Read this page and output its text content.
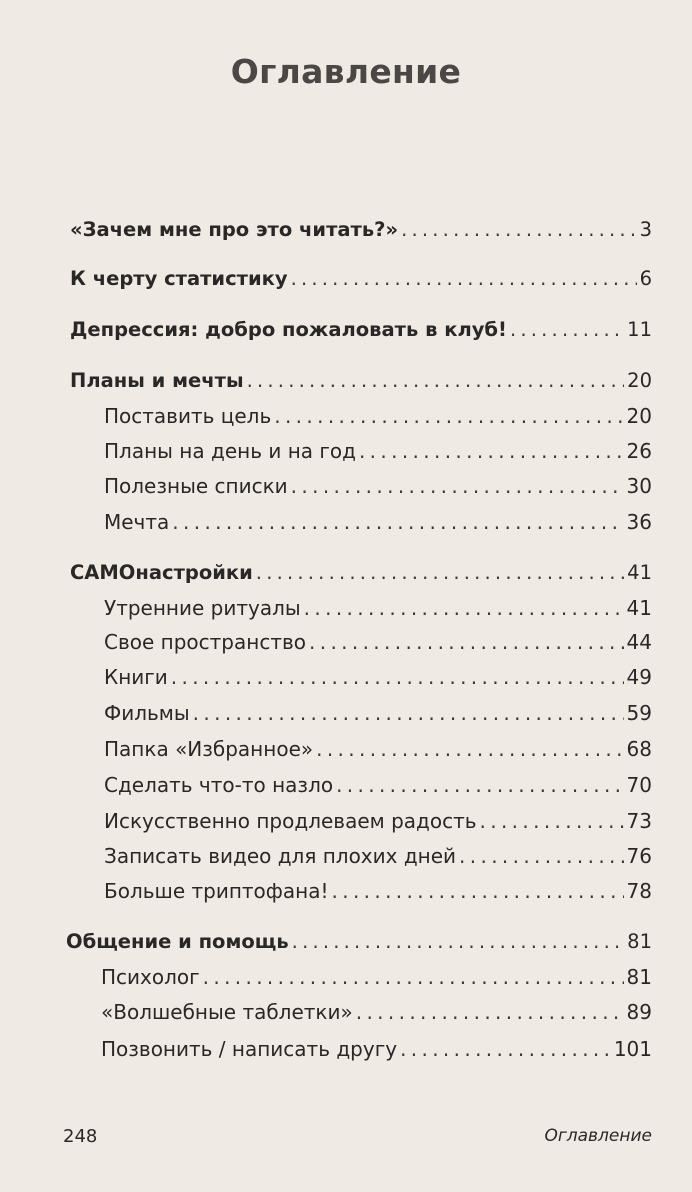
Оглавление
«Зачем мне про это читать?» . . .	3
К черту статистику . . .	6
Депрессия: добро пожаловать в клуб! . . .	11
Планы и мечты . . .	20
Поставить цель . . .	20
Планы на день и на год . . .	26
Полезные списки . . .	30
Мечта . . .	36
САМОнастройки . . .	41
Утренние ритуалы . . .	41
Свое пространство . . .	44
Книги . . .	49
Фильмы . . .	59
Папка «Избранное» . . .	68
Сделать что-то назло . . .	70
Искусственно продлеваем радость . . .	73
Записать видео для плохих дней . . .	76
Больше триптофана! . . .	78
Общение и помощь . . .	81
Психолог . . .	81
«Волшебные таблетки» . . .	89
Позвонить / написать другу . . .	101
248	Оглавление
